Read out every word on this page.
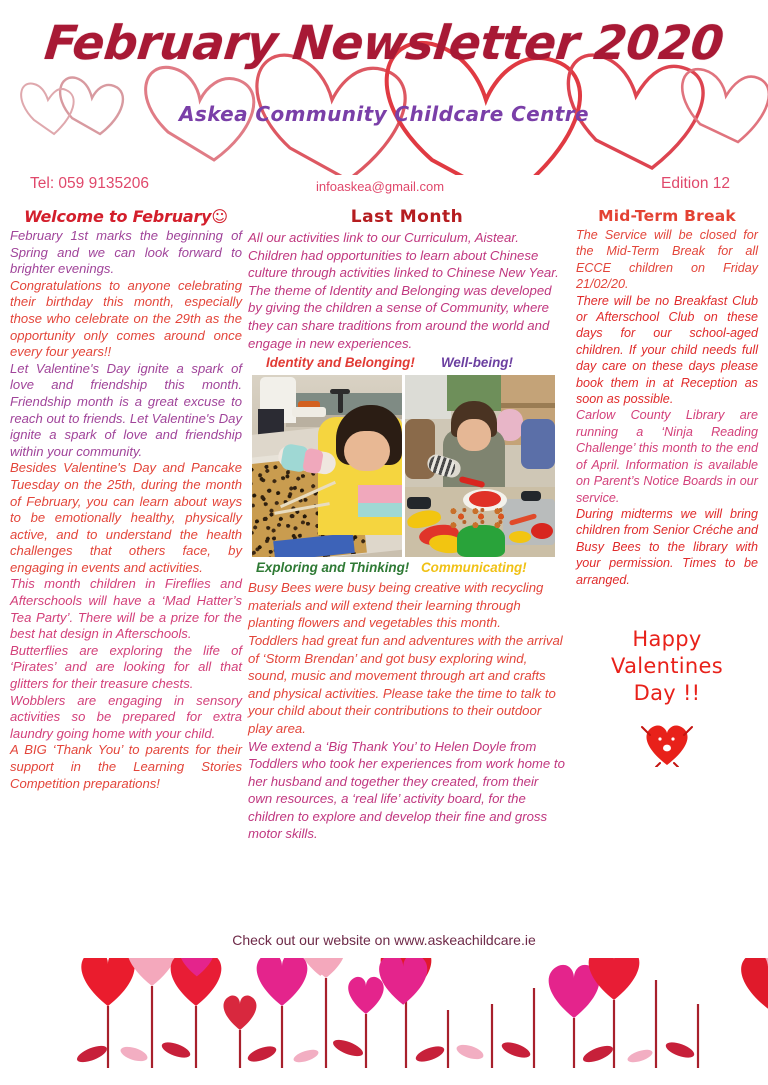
February Newsletter 2020
Askea Community Childcare Centre
Tel: 059 9135206	infoaskea@gmail.com	Edition 12
Welcome to February☺

February 1st marks the beginning of Spring and we can look forward to brighter evenings.

Congratulations to anyone celebrating their birthday this month, especially those who celebrate on the 29th as the opportunity only comes around once every four years!!

Let Valentine's Day ignite a spark of love and friendship this month. Friendship month is a great excuse to reach out to friends. Let Valentine's Day ignite a spark of love and friendship within your community.

Besides Valentine's Day and Pancake Tuesday on the 25th, during the month of February, you can learn about ways to be emotionally healthy, physically active, and to understand the health challenges that others face, by engaging in events and activities.

This month children in Fireflies and Afterschools will have a ‘Mad Hatter’s Tea Party’. There will be a prize for the best hat design in Afterschools.

Butterflies are exploring the life of ‘Pirates’ and are looking for all that glitters for their treasure chests.

Wobblers are engaging in sensory activities so be prepared for extra laundry going home with your child.

A BIG ‘Thank You’ to parents for their support in the Learning Stories Competition preparations!

Last Month

All our activities link to our Curriculum, Aistear. Children had opportunities to learn about Chinese culture through activities linked to Chinese New Year.

The theme of Identity and Belonging was developed by giving the children a sense of Community, where they can share traditions from around the world and engage in new experiences.

Identity and Belonging! Well-being!
Exploring and Thinking! Communicating!

Busy Bees were busy being creative with recycling materials and will extend their learning through planting flowers and vegetables this month.

Toddlers had great fun and adventures with the arrival of ‘Storm Brendan’ and got busy exploring wind, sound, music and movement through art and crafts and physical activities. Please take the time to talk to your child about their contributions to their outdoor play area.

We extend a ‘Big Thank You’ to Helen Doyle from Toddlers who took her experiences from work home to her husband and together they created, from their own resources, a ‘real life’ activity board, for the children to explore and develop their fine and gross motor skills.

Mid-Term Break

The Service will be closed for the Mid-Term Break for all ECCE children on Friday 21/02/20.

There will be no Breakfast Club or Afterschool Club on these days for our school-aged children. If your child needs full day care on these days please book them in at Reception as soon as possible.

Carlow County Library are running a ‘Ninja Reading Challenge’ this month to the end of April. Information is available on Parent’s Notice Boards in our service.

During midterms we will bring children from Senior Créche and Busy Bees to the library with your permission. Times to be arranged.

Happy
Valentines
Day !!
Check out our website on www.askeachildcare.ie
